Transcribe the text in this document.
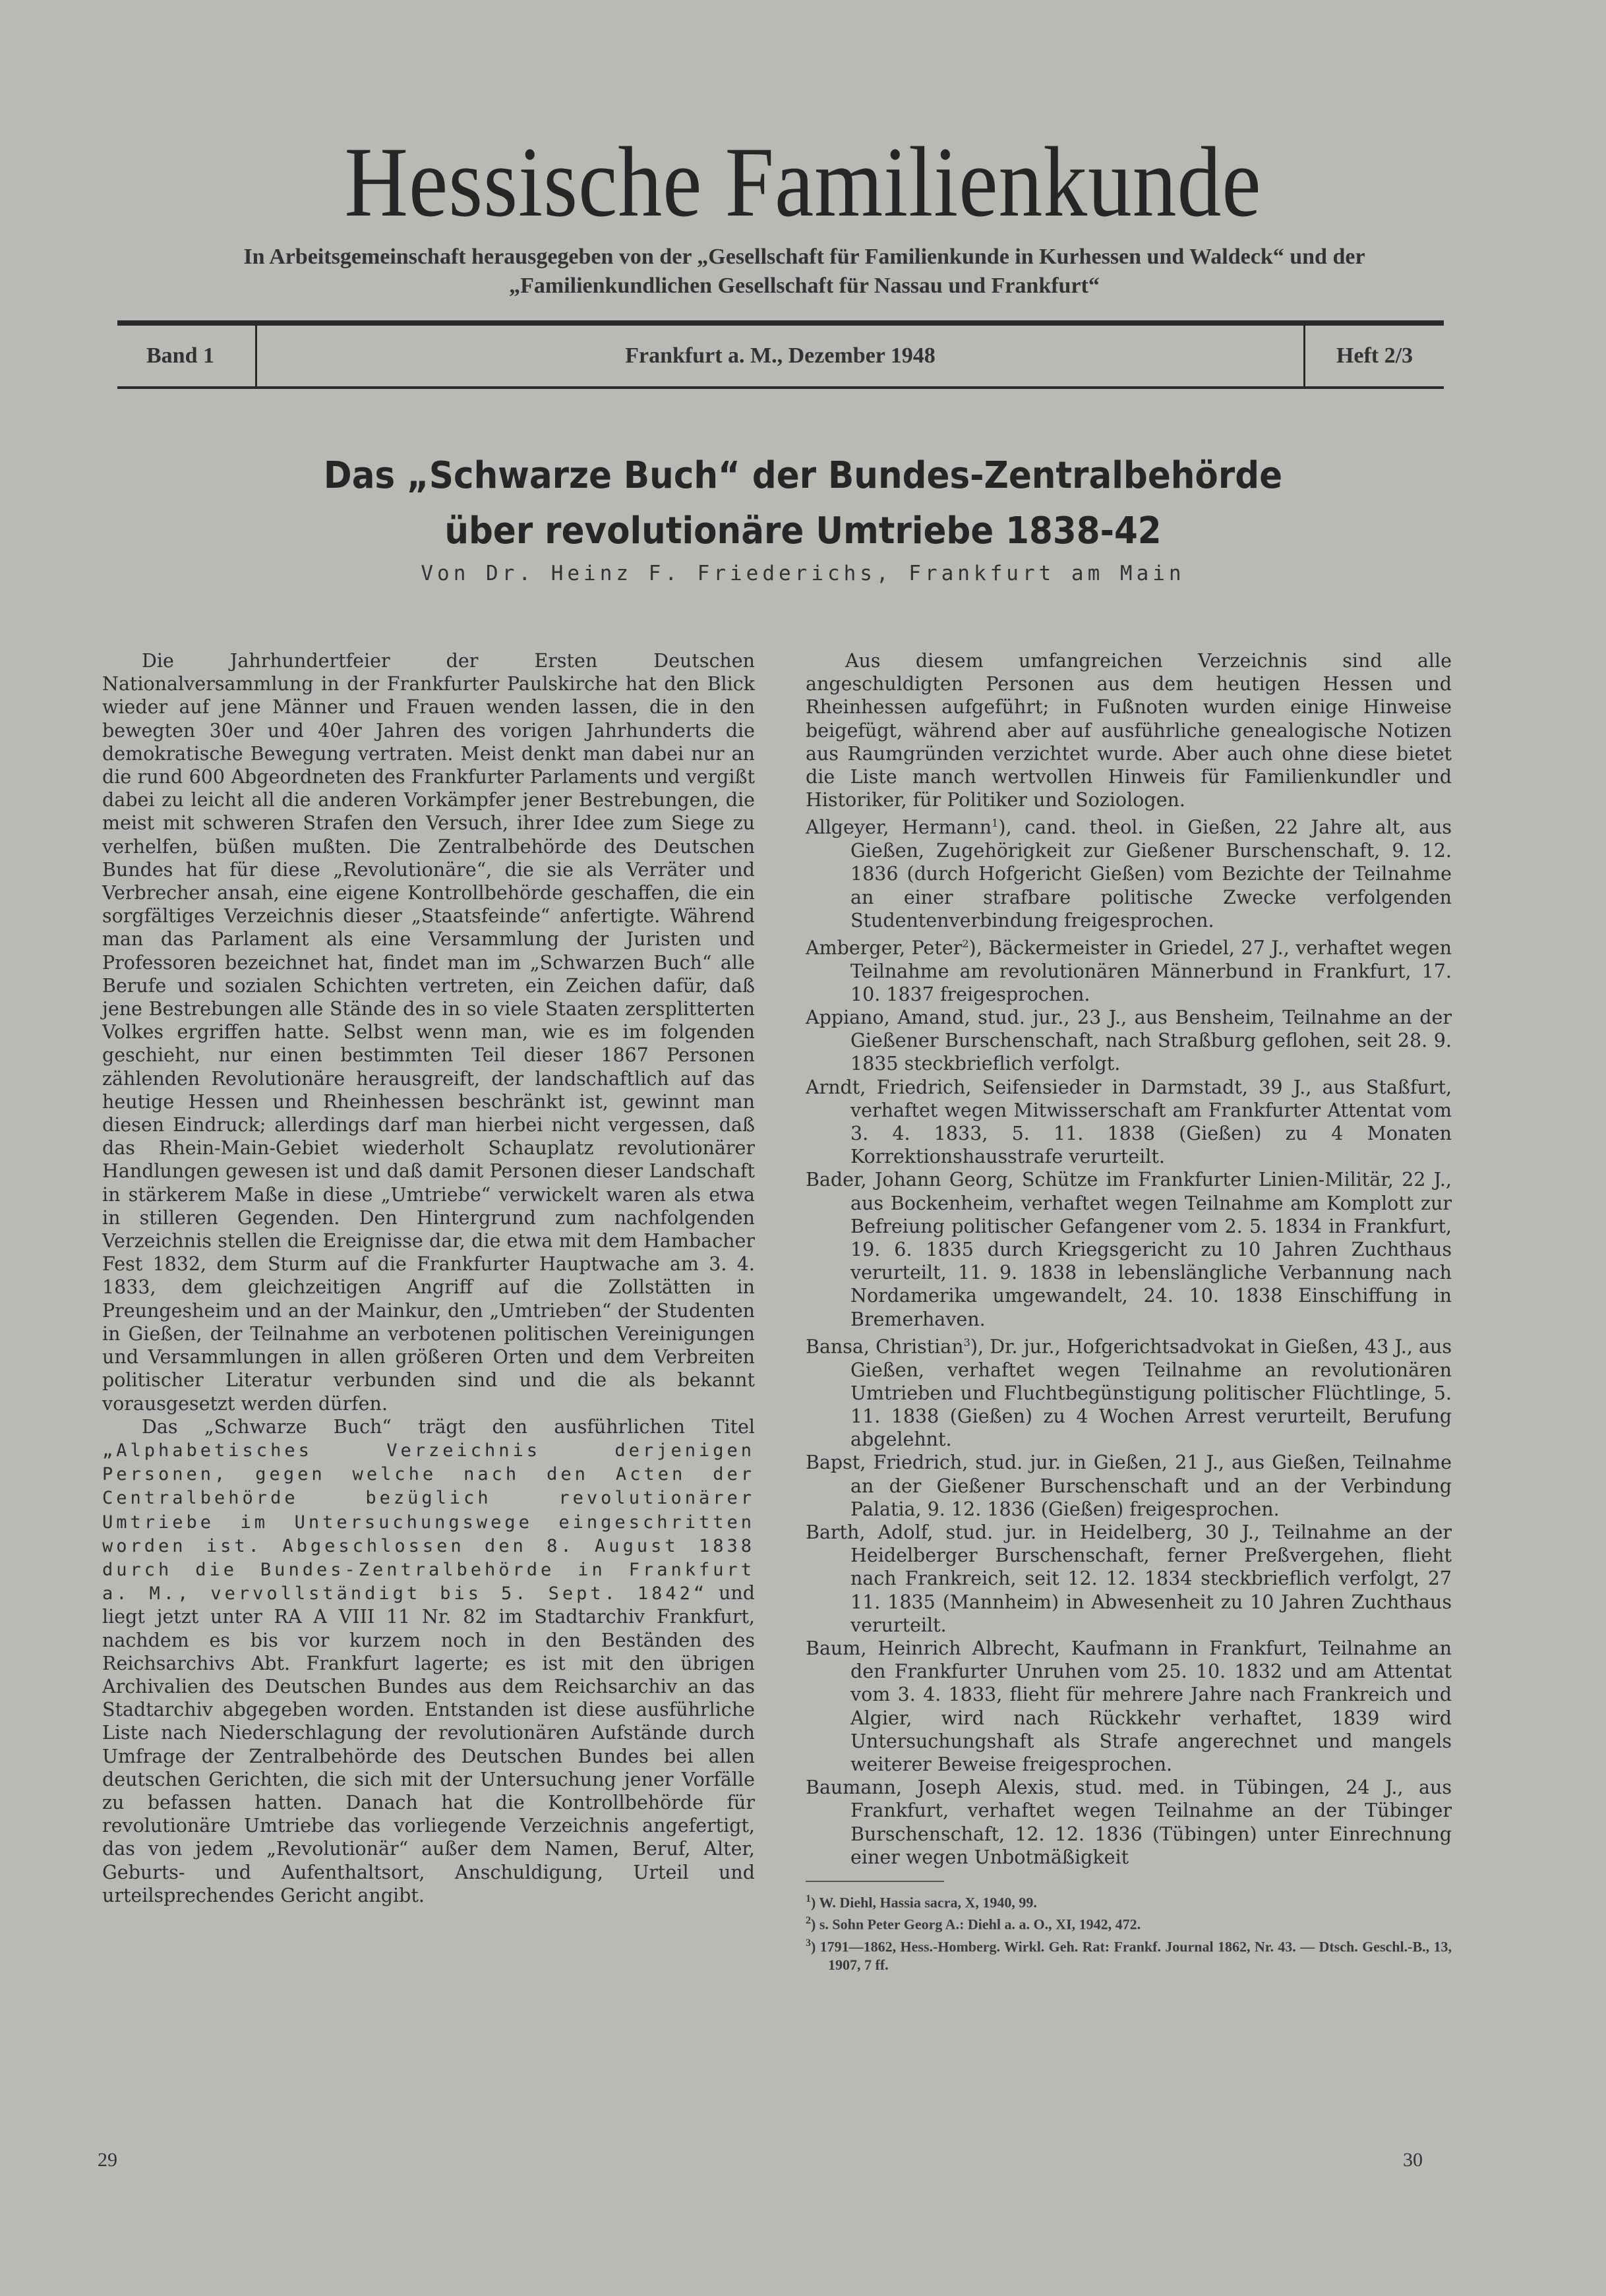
Hessische Familienkunde
In Arbeitsgemeinschaft herausgegeben von der „Gesellschaft für Familienkunde in Kurhessen und Waldeck“ und der
„Familienkundlichen Gesellschaft für Nassau und Frankfurt“
Band 1	Frankfurt a. M., Dezember 1948	Heft 2/3
Das „Schwarze Buch“ der Bundes-Zentralbehörde
über revolutionäre Umtriebe 1838-42
Von Dr. Heinz F. Friederichs, Frankfurt am Main

Die Jahrhundertfeier der Ersten Deutschen Nationalversammlung in der Frankfurter Paulskirche hat den Blick wieder auf jene Männer und Frauen wenden lassen, die in den bewegten 30er und 40er Jahren des vorigen Jahrhunderts die demokratische Bewegung vertraten. Meist denkt man dabei nur an die rund 600 Abgeordneten des Frankfurter Parlaments und vergißt dabei zu leicht all die anderen Vorkämpfer jener Bestrebungen, die meist mit schweren Strafen den Versuch, ihrer Idee zum Siege zu verhelfen, büßen mußten. Die Zentralbehörde des Deutschen Bundes hat für diese „Revolutionäre“, die sie als Verräter und Verbrecher ansah, eine eigene Kontrollbehörde geschaffen, die ein sorgfältiges Verzeichnis dieser „Staatsfeinde“ anfertigte. Während man das Parlament als eine Versammlung der Juristen und Professoren bezeichnet hat, findet man im „Schwarzen Buch“ alle Berufe und sozialen Schichten vertreten, ein Zeichen dafür, daß jene Bestrebungen alle Stände des in so viele Staaten zersplitterten Volkes ergriffen hatte. Selbst wenn man, wie es im folgenden geschieht, nur einen bestimmten Teil dieser 1867 Personen zählenden Revolutionäre herausgreift, der landschaftlich auf das heutige Hessen und Rheinhessen beschränkt ist, gewinnt man diesen Eindruck; allerdings darf man hierbei nicht vergessen, daß das Rhein-Main-Gebiet wiederholt Schauplatz revolutionärer Handlungen gewesen ist und daß damit Personen dieser Landschaft in stärkerem Maße in diese „Umtriebe“ verwickelt waren als etwa in stilleren Gegenden. Den Hintergrund zum nachfolgenden Verzeichnis stellen die Ereignisse dar, die etwa mit dem Hambacher Fest 1832, dem Sturm auf die Frankfurter Hauptwache am 3. 4. 1833, dem gleichzeitigen Angriff auf die Zollstätten in Preungesheim und an der Mainkur, den „Umtrieben“ der Studenten in Gießen, der Teilnahme an verbotenen politischen Vereinigungen und Versammlungen in allen größeren Orten und dem Verbreiten politischer Literatur verbunden sind und die als bekannt vorausgesetzt werden dürfen.

Das „Schwarze Buch“ trägt den ausführlichen Titel „Alphabetisches Verzeichnis derjenigen Personen, gegen welche nach den Acten der Centralbehörde bezüglich revolutionärer Umtriebe im Untersuchungswege eingeschritten worden ist. Abgeschlossen den 8. August 1838 durch die Bundes-Zentralbehörde in Frankfurt a. M., vervollständigt bis 5. Sept. 1842“ und liegt jetzt unter RA A VIII 11 Nr. 82 im Stadtarchiv Frankfurt, nachdem es bis vor kurzem noch in den Beständen des Reichsarchivs Abt. Frankfurt lagerte; es ist mit den übrigen Archivalien des Deutschen Bundes aus dem Reichsarchiv an das Stadtarchiv abgegeben worden. Entstanden ist diese ausführliche Liste nach Niederschlagung der revolutionären Aufstände durch Umfrage der Zentralbehörde des Deutschen Bundes bei allen deutschen Gerichten, die sich mit der Untersuchung jener Vorfälle zu befassen hatten. Danach hat die Kontrollbehörde für revolutionäre Umtriebe das vorliegende Verzeichnis angefertigt, das von jedem „Revolutionär“ außer dem Namen, Beruf, Alter, Geburts- und Aufenthaltsort, Anschuldigung, Urteil und urteilsprechendes Gericht angibt.

Aus diesem umfangreichen Verzeichnis sind alle angeschuldigten Personen aus dem heutigen Hessen und Rheinhessen aufgeführt; in Fußnoten wurden einige Hinweise beigefügt, während aber auf ausführliche genealogische Notizen aus Raumgründen verzichtet wurde. Aber auch ohne diese bietet die Liste manch wertvollen Hinweis für Familienkundler und Historiker, für Politiker und Soziologen.

Allgeyer, Hermann$^1$), cand. theol. in Gießen, 22 Jahre alt, aus Gießen, Zugehörigkeit zur Gießener Burschenschaft, 9. 12. 1836 (durch Hofgericht Gießen) vom Bezichte der Teilnahme an einer strafbare politische Zwecke verfolgenden Studentenverbindung freigesprochen.

Amberger, Peter$^2$), Bäckermeister in Griedel, 27 J., verhaftet wegen Teilnahme am revolutionären Männerbund in Frankfurt, 17. 10. 1837 freigesprochen.

Appiano, Amand, stud. jur., 23 J., aus Bensheim, Teilnahme an der Gießener Burschenschaft, nach Straßburg geflohen, seit 28. 9. 1835 steckbrieflich verfolgt.

Arndt, Friedrich, Seifensieder in Darmstadt, 39 J., aus Staßfurt, verhaftet wegen Mitwisserschaft am Frankfurter Attentat vom 3. 4. 1833, 5. 11. 1838 (Gießen) zu 4 Monaten Korrektionshausstrafe verurteilt.

Bader, Johann Georg, Schütze im Frankfurter Linien-Militär, 22 J., aus Bockenheim, verhaftet wegen Teilnahme am Komplott zur Befreiung politischer Gefangener vom 2. 5. 1834 in Frankfurt, 19. 6. 1835 durch Kriegsgericht zu 10 Jahren Zuchthaus verurteilt, 11. 9. 1838 in lebenslängliche Verbannung nach Nordamerika umgewandelt, 24. 10. 1838 Einschiffung in Bremerhaven.

Bansa, Christian$^3$), Dr. jur., Hofgerichtsadvokat in Gießen, 43 J., aus Gießen, verhaftet wegen Teilnahme an revolutionären Umtrieben und Fluchtbegünstigung politischer Flüchtlinge, 5. 11. 1838 (Gießen) zu 4 Wochen Arrest verurteilt, Berufung abgelehnt.

Bapst, Friedrich, stud. jur. in Gießen, 21 J., aus Gießen, Teilnahme an der Gießener Burschenschaft und an der Verbindung Palatia, 9. 12. 1836 (Gießen) freigesprochen.

Barth, Adolf, stud. jur. in Heidelberg, 30 J., Teilnahme an der Heidelberger Burschenschaft, ferner Preßvergehen, flieht nach Frankreich, seit 12. 12. 1834 steckbrieflich verfolgt, 27 11. 1835 (Mannheim) in Abwesenheit zu 10 Jahren Zuchthaus verurteilt.

Baum, Heinrich Albrecht, Kaufmann in Frankfurt, Teilnahme an den Frankfurter Unruhen vom 25. 10. 1832 und am Attentat vom 3. 4. 1833, flieht für mehrere Jahre nach Frankreich und Algier, wird nach Rückkehr verhaftet, 1839 wird Untersuchungshaft als Strafe angerechnet und mangels weiterer Beweise freigesprochen.

Baumann, Joseph Alexis, stud. med. in Tübingen, 24 J., aus Frankfurt, verhaftet wegen Teilnahme an der Tübinger Burschenschaft, 12. 12. 1836 (Tübingen) unter Einrechnung einer wegen Unbotmäßigkeit

$^1$) W. Diehl, Hassia sacra, X, 1940, 99.

$^2$) s. Sohn Peter Georg A.: Diehl a. a. O., XI, 1942, 472.

$^3$) 1791—1862, Hess.-Homberg. Wirkl. Geh. Rat: Frankf. Journal 1862, Nr. 43. — Dtsch. Geschl.-B., 13, 1907, 7 ff.

29	30
